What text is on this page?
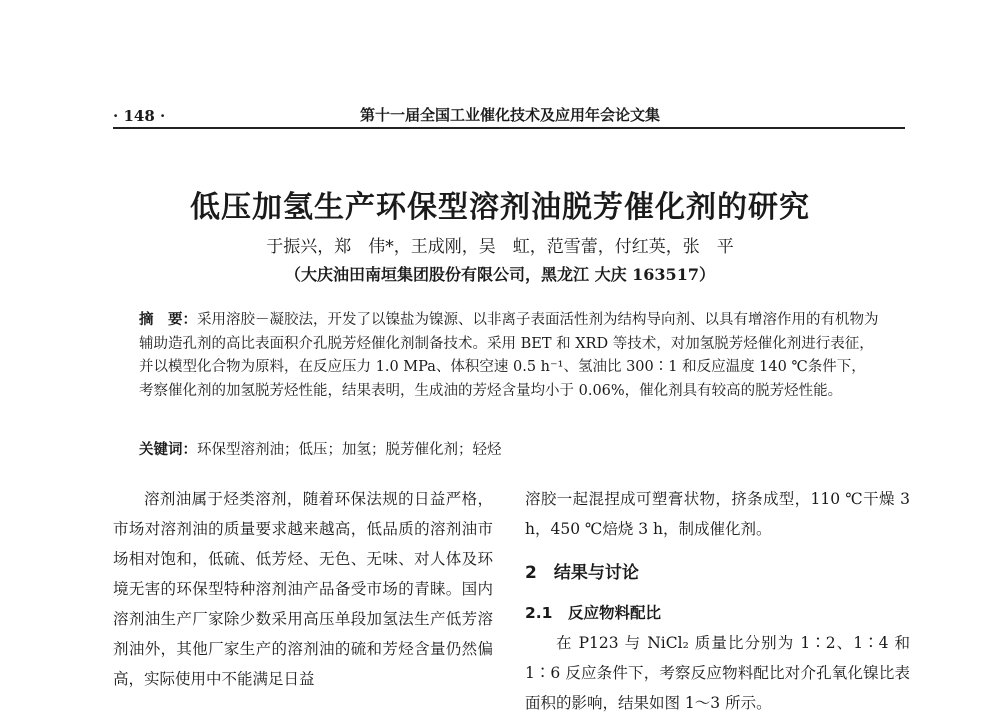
· 148 ·	第十一届全国工业催化技术及应用年会论文集
低压加氢生产环保型溶剂油脱芳催化剂的研究
于振兴，郑　伟*，王成刚，吴　虹，范雪蕾，付红英，张　平
（大庆油田南垣集团股份有限公司，黑龙江 大庆 163517）
摘　要：采用溶胶－凝胶法，开发了以镍盐为镍源、以非离子表面活性剂为结构导向剂、以具有增溶作用的有机物为辅助造孔剂的高比表面积介孔脱芳烃催化剂制备技术。采用 BET 和 XRD 等技术，对加氢脱芳烃催化剂进行表征，并以模型化合物为原料，在反应压力 1.0 MPa、体积空速 0.5 h⁻¹、氢油比 300∶1 和反应温度 140 ℃条件下，考察催化剂的加氢脱芳烃性能，结果表明，生成油的芳烃含量均小于 0.06%，催化剂具有较高的脱芳烃性能。
关键词：环保型溶剂油；低压；加氢；脱芳催化剂；轻烃
溶剂油属于烃类溶剂，随着环保法规的日益严格，市场对溶剂油的质量要求越来越高，低品质的溶剂油市场相对饱和，低硫、低芳烃、无色、无味、对人体及环境无害的环保型特种溶剂油产品备受市场的青睐。国内溶剂油生产厂家除少数采用高压单段加氢法生产低芳溶剂油外，其他厂家生产的溶剂油的硫和芳烃含量仍然偏高，实际使用中不能满足日益
溶胶一起混捏成可塑膏状物，挤条成型，110 ℃干燥 3 h，450 ℃焙烧 3 h，制成催化剂。
2　结果与讨论
2.1　反应物料配比
在 P123 与 NiCl₂ 质量比分别为 1∶2、1∶4 和 1∶6 反应条件下，考察反应物料配比对介孔氧化镍比表面积的影响，结果如图 1～3 所示。
